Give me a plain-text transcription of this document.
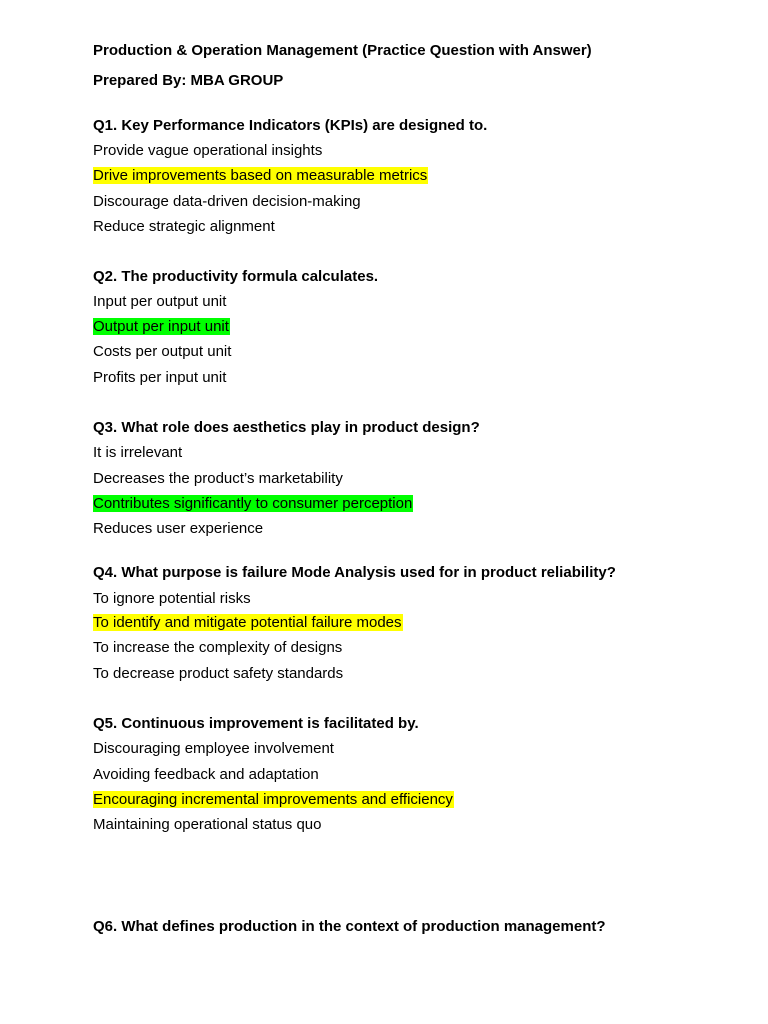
Production & Operation Management (Practice Question with Answer)
Prepared By: MBA GROUP
Q1. Key Performance Indicators (KPIs) are designed to.
Provide vague operational insights
Drive improvements based on measurable metrics
Discourage data-driven decision-making
Reduce strategic alignment
Q2. The productivity formula calculates.
Input per output unit
Output per input unit
Costs per output unit
Profits per input unit
Q3. What role does aesthetics play in product design?
It is irrelevant
Decreases the product’s marketability
Contributes significantly to consumer perception
Reduces user experience
Q4. What purpose is failure Mode Analysis used for in product reliability?
To ignore potential risks
To identify and mitigate potential failure modes
To increase the complexity of designs
To decrease product safety standards
Q5. Continuous improvement is facilitated by.
Discouraging employee involvement
Avoiding feedback and adaptation
Encouraging incremental improvements and efficiency
Maintaining operational status quo
Q6. What defines production in the context of production management?
